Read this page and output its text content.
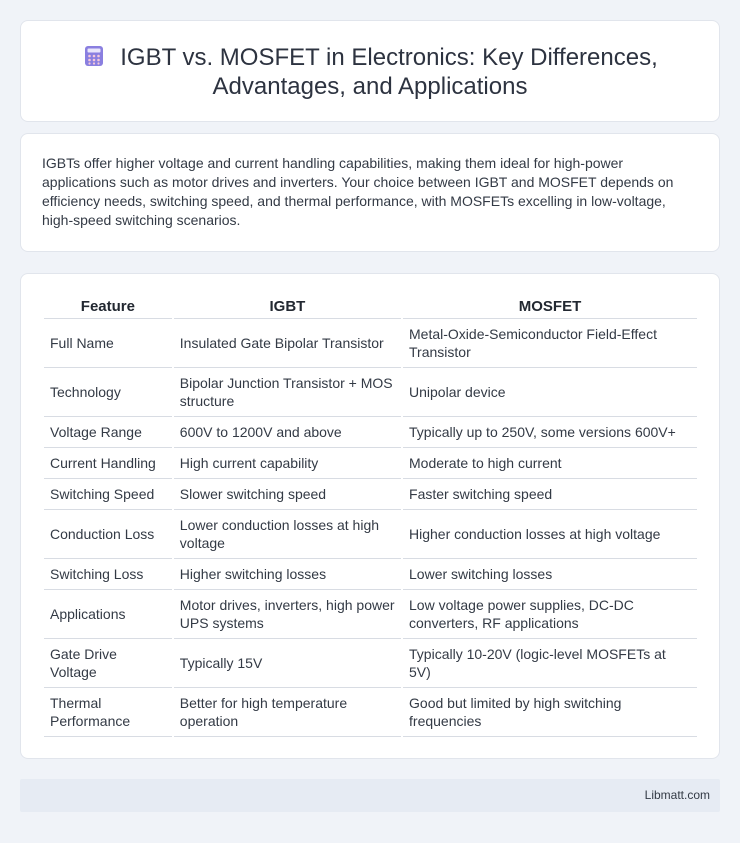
IGBT vs. MOSFET in Electronics: Key Differences, Advantages, and Applications

IGBTs offer higher voltage and current handling capabilities, making them ideal for high-power applications such as motor drives and inverters. Your choice between IGBT and MOSFET depends on efficiency needs, switching speed, and thermal performance, with MOSFETs excelling in low-voltage, high-speed switching scenarios.

Feature	IGBT	MOSFET
Full Name	Insulated Gate Bipolar Transistor	Metal-Oxide-Semiconductor Field-Effect Transistor
Technology	Bipolar Junction Transistor + MOS structure	Unipolar device
Voltage Range	600V to 1200V and above	Typically up to 250V, some versions 600V+
Current Handling	High current capability	Moderate to high current
Switching Speed	Slower switching speed	Faster switching speed
Conduction Loss	Lower conduction losses at high voltage	Higher conduction losses at high voltage
Switching Loss	Higher switching losses	Lower switching losses
Applications	Motor drives, inverters, high power UPS systems	Low voltage power supplies, DC-DC converters, RF applications
Gate Drive Voltage	Typically 15V	Typically 10-20V (logic-level MOSFETs at 5V)
Thermal Performance	Better for high temperature operation	Good but limited by high switching frequencies
Libmatt.com
